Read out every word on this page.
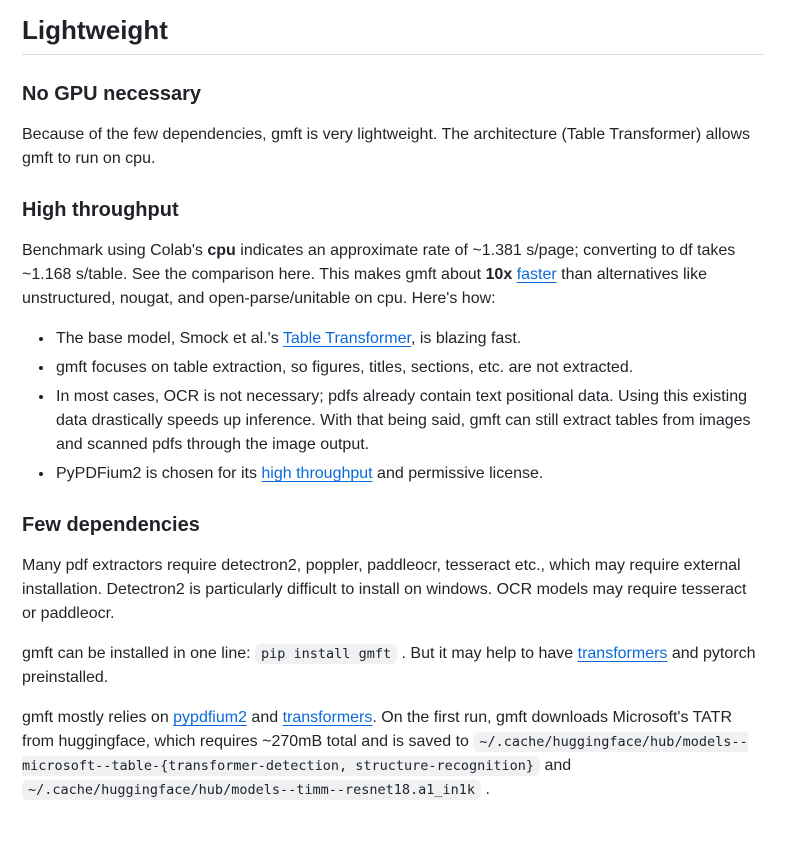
Lightweight
No GPU necessary

Because of the few dependencies, gmft is very lightweight. The architecture (Table Transformer) allows gmft to run on cpu.

High throughput

Benchmark using Colab's cpu indicates an approximate rate of ~1.381 s/page; converting to df takes ~1.168 s/table. See the comparison here. This makes gmft about 10x faster than alternatives like unstructured, nougat, and open-parse/unitable on cpu. Here's how:

• The base model, Smock et al.'s Table Transformer, is blazing fast.
• gmft focuses on table extraction, so figures, titles, sections, etc. are not extracted.
• In most cases, OCR is not necessary; pdfs already contain text positional data. Using this existing data drastically speeds up inference. With that being said, gmft can still extract tables from images and scanned pdfs through the image output.
• PyPDFium2 is chosen for its high throughput and permissive license.
Few dependencies

Many pdf extractors require detectron2, poppler, paddleocr, tesseract etc., which may require external installation. Detectron2 is particularly difficult to install on windows. OCR models may require tesseract or paddleocr.

gmft can be installed in one line: pip install gmft . But it may help to have transformers and pytorch preinstalled.

gmft mostly relies on pypdfium2 and transformers. On the first run, gmft downloads Microsoft's TATR from huggingface, which requires ~270mB total and is saved to ~/.cache/huggingface/hub/models--microsoft--table-{transformer-detection, structure-recognition} and ~/.cache/huggingface/hub/models--timm--resnet18.a1_in1k .
